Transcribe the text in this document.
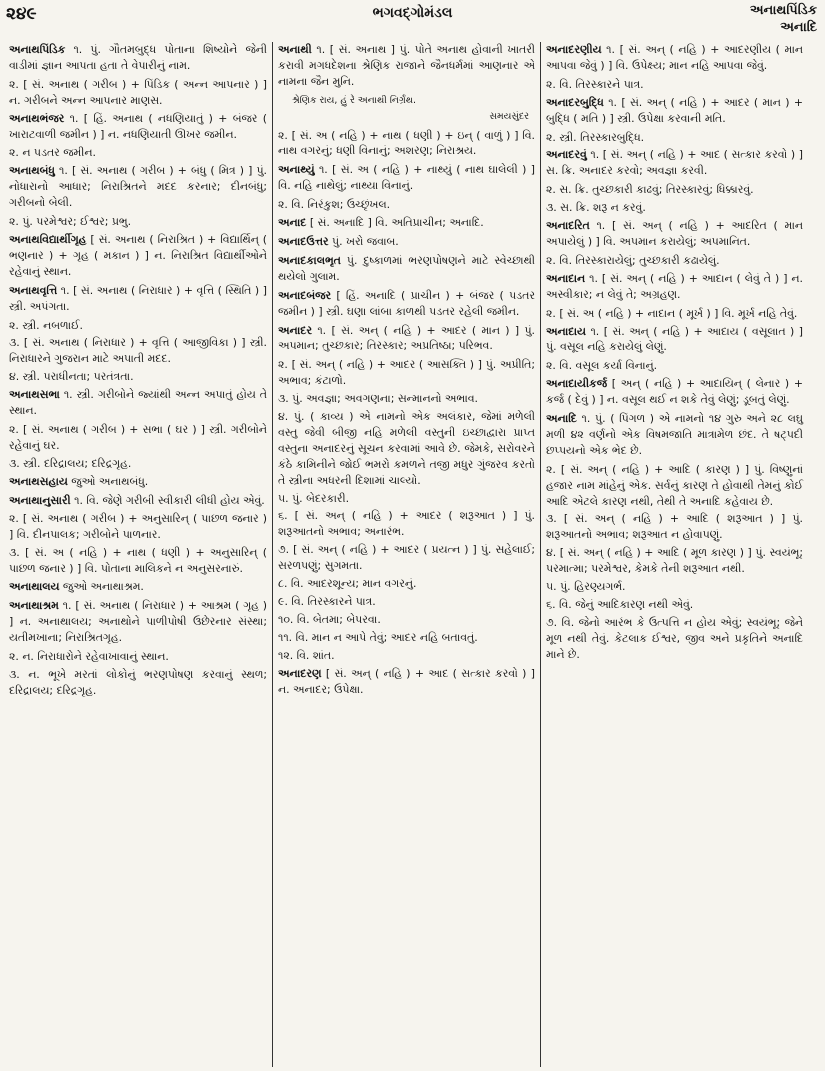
૨૪૯	ભગવદ્ગોમંડલ	અનાથપિંડિક
અનાદિ
અનાથપિંડિક ૧. પું. ગૌતમબુદ્ધ પોતાના શિષ્યોને જેની વાડીમાં જ્ઞાન આપતા હતા તે વેપારીનું નામ.
૨. [ સં. અનાથ ( ગરીબ ) + પિંડિક ( અન્ન આપનાર ) ] ન. ગરીબને અન્ન આપનાર માણસ.
અનાથભંજર ૧. [ હિં. અનાથ ( નધણિયાતું ) + બંજર ( ખારાટવાળી જમીન ) ] ન. નધણિયાતી ઊખર જમીન.
૨. ન પડતર જમીન.
અનાથબંધુ ૧. [ સં. અનાથ ( ગરીબ ) + બંધુ ( મિત્ર ) ] પું. નોધારાનો આધાર; નિરાશ્રિતને મદદ કરનાર; દીનબંધુ; ગરીબનો બેલી.
૨. પું. પરમેશ્વર; ઈશ્વર; પ્રભુ.
અનાથવિદ્યાર્થીગૃહ [ સં. અનાથ ( નિરાશ્રિત ) + વિદ્યાર્થિન્ ( ભણનાર ) + ગૃહ ( મકાન ) ] ન. નિરાશ્રિત વિદ્યાર્થીઓને રહેવાનું સ્થાન.
અનાથવૃત્તિ ૧. [ સં. અનાથ ( નિરાધાર ) + વૃત્તિ ( સ્થિતિ ) ] સ્ત્રી. અપંગતા.
૨. સ્ત્રી. નબળાઈ.
૩. [ સં. અનાથ ( નિરાધાર ) + વૃત્તિ ( આજીવિકા ) ] સ્ત્રી. નિરાધારને ગુજરાન માટે અપાતી મદદ.
૪. સ્ત્રી. પરાધીનતા; પરતંત્રતા.
અનાથસભા ૧. સ્ત્રી. ગરીબોને જ્યાંથી અન્ન અપાતું હોય તે સ્થાન.
૨. [ સં. અનાથ ( ગરીબ ) + સભા ( ઘર ) ] સ્ત્રી. ગરીબોને રહેવાનું ઘર.
૩. સ્ત્રી. દરિદ્રાલય; દરિદ્રગૃહ.
અનાથસહાય જુઓ અનાથબંધુ.
અનાથાનુસારી ૧. વિ. જેણે ગરીબી સ્વીકારી લીધી હોય એવું.
૨. [ સં. અનાથ ( ગરીબ ) + અનુસારિન્ ( પાછળ જનાર ) ] વિ. દીનપાલક; ગરીબોને પાળનાર.
૩. [ સં. અ ( નહિ ) + નાથ ( ધણી ) + અનુસારિન્ ( પાછળ જનાર ) ] વિ. પોતાના માલિકને ન અનુસરનારું.
અનાથાલય જુઓ અનાથાશ્રમ.
અનાથાશ્રમ ૧. [ સં. અનાથ ( નિરાધાર ) + આશ્રમ ( ગૃહ ) ] ન. અનાથાલય; અનાથોને પાળીપોષી ઉછેરનાર સંસ્થા; યતીમખાના; નિરાશ્રિતગૃહ.
૨. ન. નિરાધારોને રહેવાખાવાનું સ્થાન.
૩. ન. ભૂખે મરતાં લોકોનું ભરણપોષણ કરવાનું સ્થળ; દરિદ્રાલય; દરિદ્રગૃહ.
અનાથી ૧. [ સં. અનાથ ] પું. પોતે અનાથ હોવાની ખાતરી કરાવી મગધદેશના શ્રેણિક રાજાને જૈનધર્મમાં આણનાર એ નામના જૈન મુનિ.
શ્રેણિક રાય, હું રે અનાથી નિર્ગ્રંથ.
સમયસુંદર
૨. [ સં. અ ( નહિ ) + નાથ ( ધણી ) + ઇન્ ( વાળું ) ] વિ. નાથ વગરનું; ધણી વિનાનું; અશરણ; નિરાશ્રય.
અનાથ્યું ૧. [ સં. અ ( નહિ ) + નાથ્યું ( નાથ ઘાલેલી ) ] વિ. નહિ નાથેલું; નાથ્યા વિનાનું.
૨. વિ. નિરંકુશ; ઉચ્છૃંખલ.
અનાદ [ સં. અનાદિ ] વિ. અતિપ્રાચીન; અનાદિ.
અનાદઉત્તર પું. ખરો જવાબ.
અનાદકાલભૃત પું. દુષ્કાળમાં ભરણપોષણને માટે સ્વેચ્છાથી થયેલો ગુલામ.
અનાદબંજર [ હિં. અનાદિ ( પ્રાચીન ) + બંજર ( પડતર જમીન ) ] સ્ત્રી. ઘણા લાંબા કાળથી પડતર રહેલી જમીન.
અનાદર ૧. [ સં. અન્ ( નહિ ) + આદર ( માન ) ] પું. અપમાન; તુચ્છકાર; તિરસ્કાર; અપ્રતિષ્ઠા; પરિભવ.
૨. [ સં. અન્ ( નહિ ) + આદર ( આસક્તિ ) ] પું. અપ્રીતિ; અભાવ; કંટાળો.
૩. પું. અવજ્ઞા; અવગણના; સન્માનનો અભાવ.
૪. પું. ( કાવ્ય ) એ નામનો એક અલંકાર, જેમાં મળેલી વસ્તુ જેવી બીજી નહિ મળેલી વસ્તુની ઇચ્છાદ્વારા પ્રાપ્ત વસ્તુના અનાદરનું સૂચન કરવામાં આવે છે. જેમકે, સરોવરને કંઠે કામિનીને જોઈ ભમરો કમળને તજી મધુર ગુંજરવ કરતો તે સ્ત્રીના અધરની દિશામાં ચાલ્યો.
૫. પું. બેદરકારી.
૬. [ સં. અન્ ( નહિ ) + આદર ( શરૂઆત ) ] પું. શરૂઆતનો અભાવ; અનારંભ.
૭. [ સં. અન્ ( નહિ ) + આદર ( પ્રયત્ન ) ] પું. સહેલાઈ; સરળપણું; સુગમતા.
૮. વિ. આદરશૂન્ય; માન વગરનું.
૯. વિ. તિરસ્કારને પાત્ર.
૧૦. વિ. બેતમા; બેપરવા.
૧૧. વિ. માન ન આપે તેવું; આદર નહિ બતાવતું.
૧૨. વિ. શાંત.
અનાદરણ [ સં. અન્ ( નહિ ) + આદ ( સત્કાર કરવો ) ] ન. અનાદર; ઉપેક્ષા.
અનાદરણીય ૧. [ સં. અન્ ( નહિ ) + આદરણીય ( માન આપવા જેવું ) ] વિ. ઉપેક્ષ્ય; માન નહિ આપવા જેવું.
૨. વિ. તિરસ્કારને પાત્ર.
અનાદરબુદ્ધિ ૧. [ સં. અન્ ( નહિ ) + આદર ( માન ) + બુદ્ધિ ( મતિ ) ] સ્ત્રી. ઉપેક્ષા કરવાની મતિ.
૨. સ્ત્રી. તિરસ્કારબુદ્ધિ.
અનાદરવું ૧. [ સં. અન્ ( નહિ ) + આદ ( સત્કાર કરવો ) ] સ. ક્રિ. અનાદર કરવો; અવજ્ઞા કરવી.
૨. સ. ક્રિ. તુચ્છકારી કાઢવું; તિરસ્કારવું; ધિક્કારવું.
૩. સ. ક્રિ. શરૂ ન કરવું.
અનાદરિત ૧. [ સં. અન્ ( નહિ ) + આદરિત ( માન અપાયેલું ) ] વિ. અપમાન કરાયેલું; અપમાનિત.
૨. વિ. તિરસ્કારાયેલું; તુચ્છકારી કઢાયેલું.
અનાદાન ૧. [ સં. અન્ ( નહિ ) + આદાન ( લેવું તે ) ] ન. અસ્વીકાર; ન લેવું તે; અગ્રહણ.
૨. [ સં. અ ( નહિ ) + નાદાન ( મૂર્ખ ) ] વિ. મૂર્ખ નહિ તેવું.
અનાદાય ૧. [ સં. અન્ ( નહિ ) + આદાય ( વસૂલાત ) ] પું. વસૂલ નહિ કરાયેલું લેણું.
૨. વિ. વસૂલ કર્યા વિનાનું.
અનાદાયીકર્જ [ અન્ ( નહિ ) + આદાયિન્ ( લેનાર ) + કર્જ ( દેવું ) ] ન. વસૂલ થઈ ન શકે તેવું લેણું; ડૂબતું લેણું.
અનાદિ ૧. પું. ( પિંગળ ) એ નામનો ૧૪ ગુરુ અને ૨૮ લઘુ મળી ૪૨ વર્ણનો એક વિષમજાતિ માત્રામેળ છંદ. તે ષટ્પદી છપ્પયનો એક ભેદ છે.
૨. [ સં. અન્ ( નહિ ) + આદિ ( કારણ ) ] પું. વિષ્ણુનાં હજાર નામ માંહેનું એક. સર્વનું કારણ તે હોવાથી તેમનું કોઈ આદિ એટલે કારણ નથી, તેથી તે અનાદિ કહેવાય છે.
૩. [ સં. અન્ ( નહિ ) + આદિ ( શરૂઆત ) ] પું. શરૂઆતનો અભાવ; શરૂઆત ન હોવાપણું.
૪. [ સં. અન્ ( નહિ ) + આદિ ( મૂળ કારણ ) ] પું. સ્વયંભૂ; પરમાત્મા; પરમેશ્વર, કેમકે તેની શરૂઆત નથી.
૫. પું. હિરણ્યગર્ભ.
૬. વિ. જેનું આદિકારણ નથી એવું.
૭. વિ. જેનો આરંભ કે ઉત્પત્તિ ન હોય એવું; સ્વયંભૂ; જેને મૂળ નથી તેવું. કેટલાક ઈશ્વર, જીવ અને પ્રકૃતિને અનાદિ માને છે.
